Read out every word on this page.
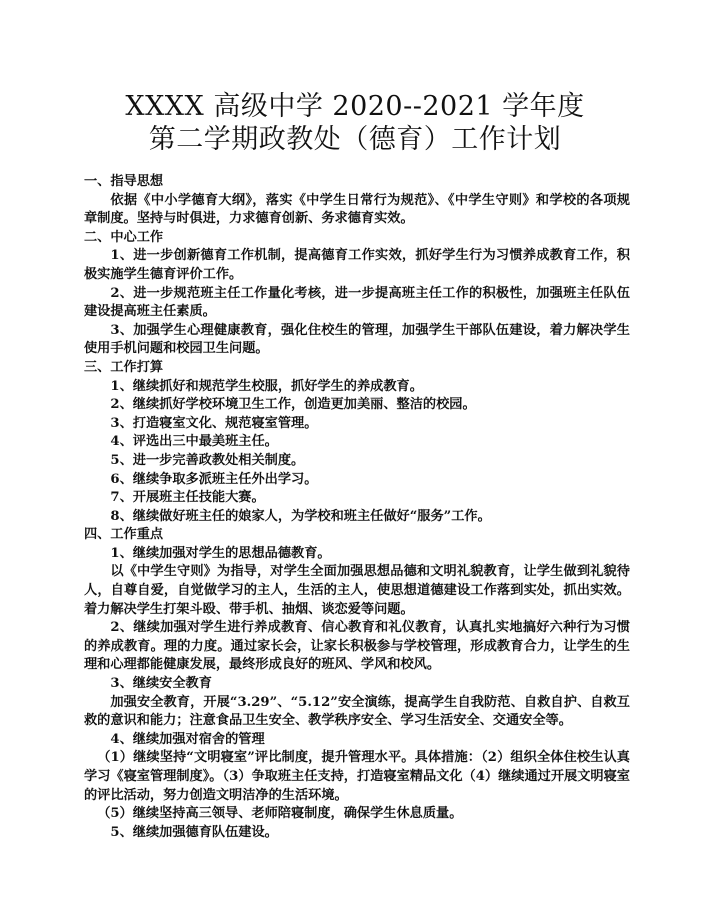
XXXX 高级中学 2020--2021 学年度
第二学期政教处（德育）工作计划

一、指导思想

依据《中小学德育大纲》，落实《中学生日常行为规范》、《中学生守则》和学校的各项规章制度。坚持与时俱进，力求德育创新、务求德育实效。

二、中心工作

1、进一步创新德育工作机制，提高德育工作实效，抓好学生行为习惯养成教育工作，积极实施学生德育评价工作。

2、进一步规范班主任工作量化考核，进一步提高班主任工作的积极性，加强班主任队伍建设提高班主任素质。

3、加强学生心理健康教育，强化住校生的管理，加强学生干部队伍建设，着力解决学生使用手机问题和校园卫生问题。

三、工作打算

1、继续抓好和规范学生校服，抓好学生的养成教育。

2、继续抓好学校环境卫生工作，创造更加美丽、整洁的校园。

3、打造寝室文化、规范寝室管理。

4、评选出三中最美班主任。

5、进一步完善政教处相关制度。

6、继续争取多派班主任外出学习。

7、开展班主任技能大赛。

8、继续做好班主任的娘家人，为学校和班主任做好“服务”工作。

四、工作重点

1、继续加强对学生的思想品德教育。

以《中学生守则》为指导，对学生全面加强思想品德和文明礼貌教育，让学生做到礼貌待人，自尊自爱，自觉做学习的主人，生活的主人，使思想道德建设工作落到实处，抓出实效。着力解决学生打架斗殴、带手机、抽烟、谈恋爱等问题。

2、继续加强对学生进行养成教育、信心教育和礼仪教育，认真扎实地搞好六种行为习惯的养成教育。理的力度。通过家长会，让家长积极参与学校管理，形成教育合力，让学生的生理和心理都能健康发展，最终形成良好的班风、学风和校风。

3、继续安全教育

加强安全教育，开展“3.29”、“5.12”安全演练，提高学生自我防范、自救自护、自救互救的意识和能力；注意食品卫生安全、教学秩序安全、学习生活安全、交通安全等。

4、继续加强对宿舍的管理

（1）继续坚持“文明寝室”评比制度，提升管理水平。具体措施：（2）组织全体住校生认真学习《寝室管理制度》。（3）争取班主任支持，打造寝室精品文化（4）继续通过开展文明寝室的评比活动，努力创造文明洁净的生活环境。

（5）继续坚持高三领导、老师陪寝制度，确保学生休息质量。

5、继续加强德育队伍建设。
